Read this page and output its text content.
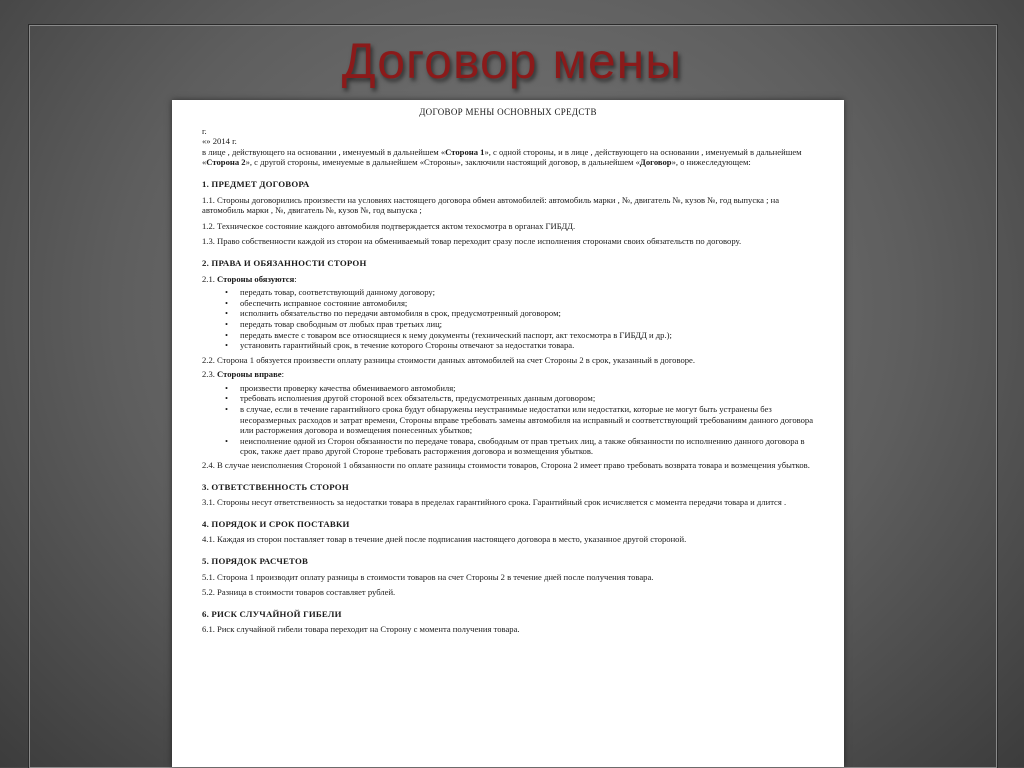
Договор мены
ДОГОВОР МЕНЫ ОСНОВНЫХ СРЕДСТВ

г.

«» 2014 г.

в лице , действующего на основании , именуемый в дальнейшем «Сторона 1», с одной стороны, и в лице , действующего на основании , именуемый в дальнейшем «Сторона 2», с другой стороны, именуемые в дальнейшем «Стороны», заключили настоящий договор, в дальнейшем «Договор», о нижеследующем:

1. ПРЕДМЕТ ДОГОВОРА

1.1. Стороны договорились произвести на условиях настоящего договора обмен автомобилей: автомобиль марки , №, двигатель №, кузов №, год выпуска ; на автомобиль марки , №, двигатель №, кузов №, год выпуска ;

1.2. Техническое состояние каждого автомобиля подтверждается актом техосмотра в органах ГИБДД.

1.3. Право собственности каждой из сторон на обмениваемый товар переходит сразу после исполнения сторонами своих обязательств по договору.

2. ПРАВА И ОБЯЗАННОСТИ СТОРОН

2.1. Стороны обязуются:

• передать товар, соответствующий данному договору;
• обеспечить исправное состояние автомобиля;
• исполнить обязательство по передачи автомобиля в срок, предусмотренный договором;
• передать товар свободным от любых прав третьих лиц;
• передать вместе с товаром все относящиеся к нему документы (технический паспорт, акт техосмотра в ГИБДД и др.);
• установить гарантийный срок, в течение которого Стороны отвечают за недостатки товара.

2.2. Сторона 1 обязуется произвести оплату разницы стоимости данных автомобилей на счет Стороны 2 в срок, указанный в договоре.

2.3. Стороны вправе:

• произвести проверку качества обмениваемого автомобиля;
• требовать исполнения другой стороной всех обязательств, предусмотренных данным договором;
• в случае, если в течение гарантийного срока будут обнаружены неустранимые недостатки или недостатки, которые не могут быть устранены без несоразмерных расходов и затрат времени, Стороны вправе требовать замены автомобиля на исправный и соответствующий требованиям данного договора или расторжения договора и возмещения понесенных убытков;
• неисполнение одной из Сторон обязанности по передаче товара, свободным от прав третьих лиц, а также обязанности по исполнению данного договора в срок, также дает право другой Стороне требовать расторжения договора и возмещения убытков.

2.4. В случае неисполнения Стороной 1 обязанности по оплате разницы стоимости товаров, Сторона 2 имеет право требовать возврата товара и возмещения убытков.

3. ОТВЕТСТВЕННОСТЬ СТОРОН

3.1. Стороны несут ответственность за недостатки товара в пределах гарантийного срока. Гарантийный срок исчисляется с момента передачи товара и длится .

4. ПОРЯДОК И СРОК ПОСТАВКИ

4.1. Каждая из сторон поставляет товар в течение дней после подписания настоящего договора в место, указанное другой стороной.

5. ПОРЯДОК РАСЧЕТОВ

5.1. Сторона 1 производит оплату разницы в стоимости товаров на счет Стороны 2 в течение дней после получения товара.

5.2. Разница в стоимости товаров составляет рублей.

6. РИСК СЛУЧАЙНОЙ ГИБЕЛИ

6.1. Риск случайной гибели товара переходит на Сторону с момента получения товара.
